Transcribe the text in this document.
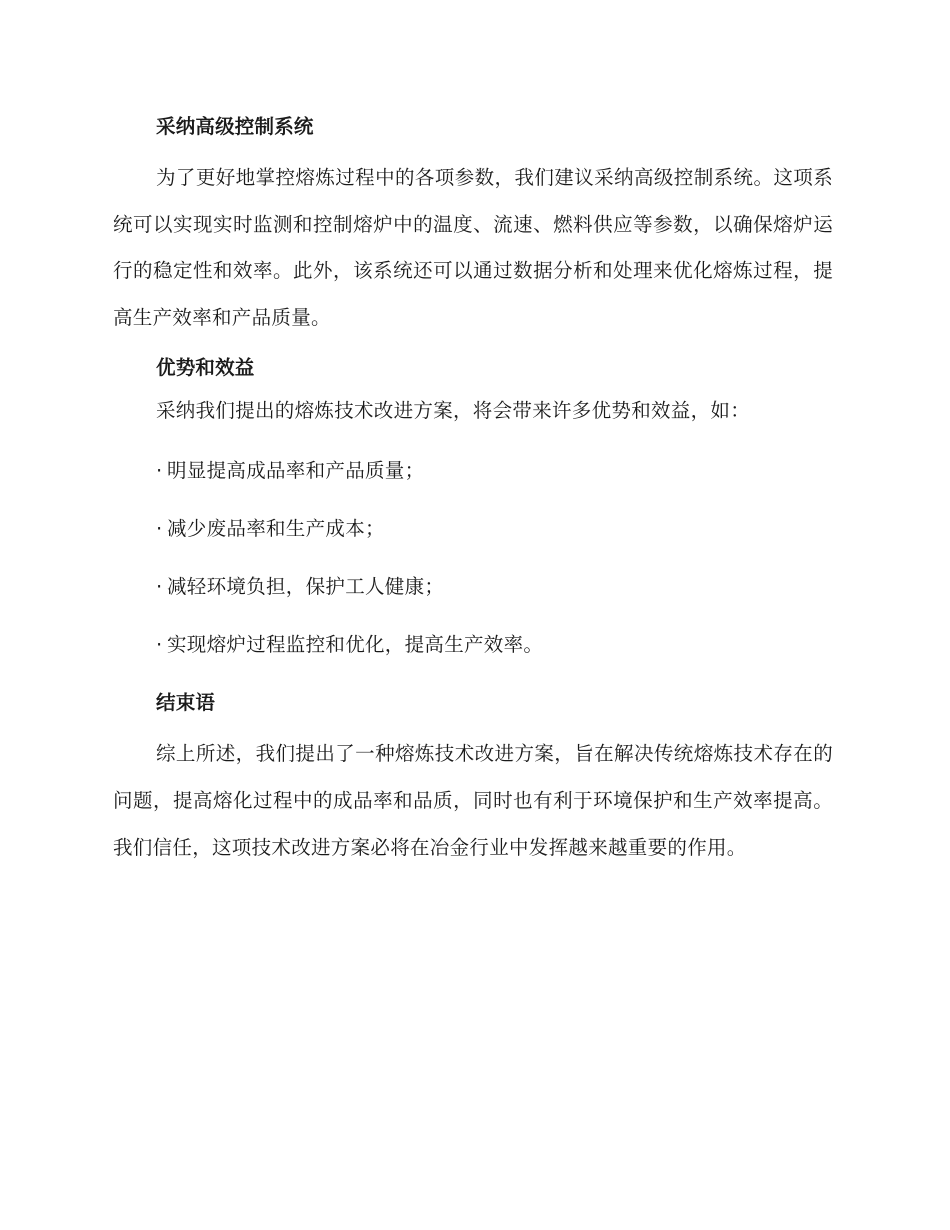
采纳高级控制系统

为了更好地掌控熔炼过程中的各项参数，我们建议采纳高级控制系统。这项系统可以实现实时监测和控制熔炉中的温度、流速、燃料供应等参数，以确保熔炉运行的稳定性和效率。此外，该系统还可以通过数据分析和处理来优化熔炼过程，提高生产效率和产品质量。

优势和效益

采纳我们提出的熔炼技术改进方案，将会带来许多优势和效益，如：

· 明显提高成品率和产品质量；
· 减少废品率和生产成本；
· 减轻环境负担，保护工人健康；
· 实现熔炉过程监控和优化，提高生产效率。
结束语

综上所述，我们提出了一种熔炼技术改进方案，旨在解决传统熔炼技术存在的问题，提高熔化过程中的成品率和品质，同时也有利于环境保护和生产效率提高。我们信任，这项技术改进方案必将在冶金行业中发挥越来越重要的作用。
